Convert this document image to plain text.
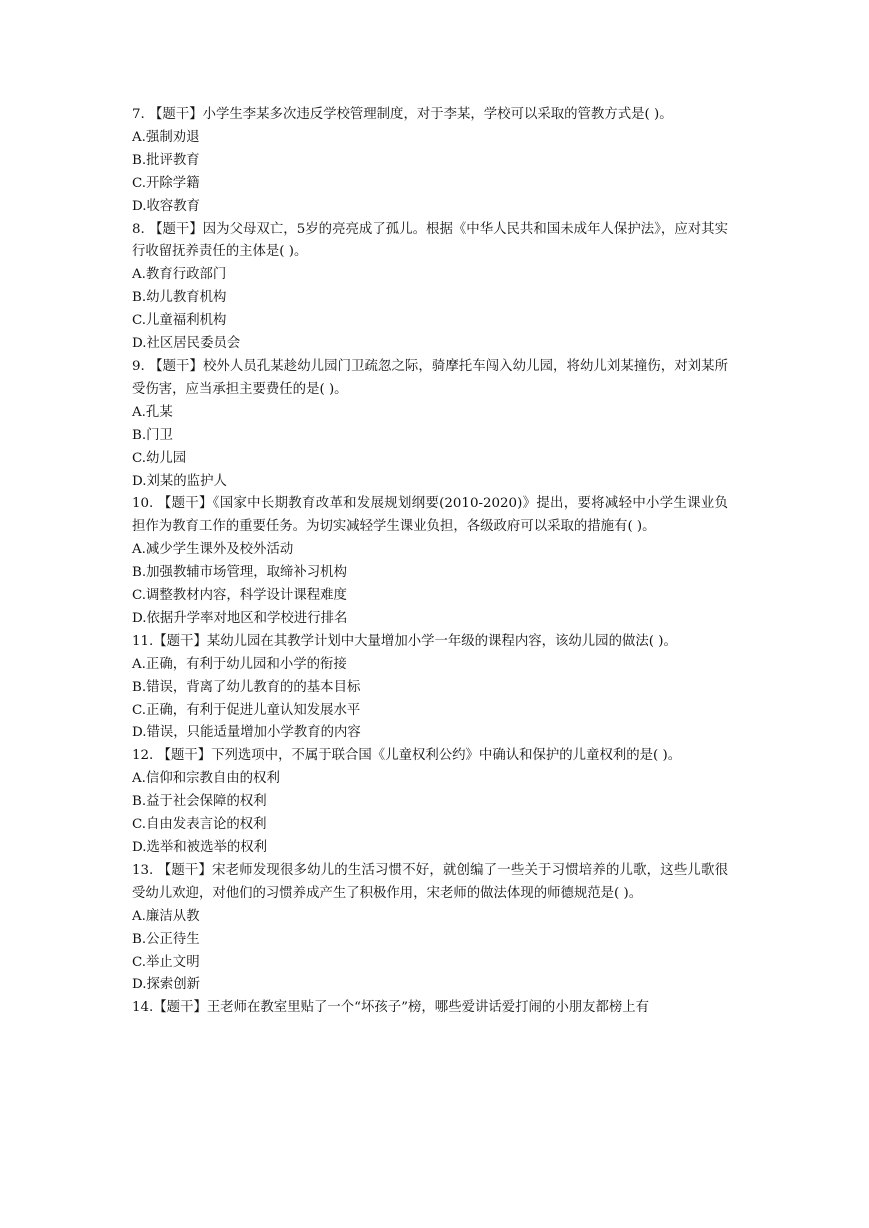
7. 【题干】小学生李某多次违反学校管理制度，对于李某，学校可以采取的管教方式是( )。

A.强制劝退

B.批评教育

C.开除学籍

D.收容教育

8. 【题干】因为父母双亡，5岁的亮亮成了孤儿。根据《中华人民共和国未成年人保护法》，应对其实行收留抚养责任的主体是( )。

A.教育行政部门

B.幼儿教育机构

C.儿童福利机构

D.社区居民委员会

9. 【题干】校外人员孔某趁幼儿园门卫疏忽之际，骑摩托车闯入幼儿园，将幼儿刘某撞伤，对刘某所受伤害，应当承担主要费任的是( )。

A.孔某

B.门卫

C.幼儿园

D.刘某的监护人

10. 【题干】《国家中长期教育改革和发展规划纲要(2010-2020)》提出，要将减轻中小学生课业负担作为教育工作的重要任务。为切实减轻学生课业负担，各级政府可以采取的措施有( )。

A.减少学生课外及校外活动

B.加强教辅市场管理，取缔补习机构

C.调整教材内容，科学设计课程难度

D.依据升学率对地区和学校进行排名

11.【题干】某幼儿园在其教学计划中大量增加小学一年级的课程内容，该幼儿园的做法( )。

A.正确，有利于幼儿园和小学的衔接

B.错误，背离了幼儿教育的的基本目标

C.正确，有利于促进儿童认知发展水平

D.错误，只能适量增加小学教育的内容

12. 【题干】下列选项中，不属于联合国《儿童权利公约》中确认和保护的儿童权利的是( )。

A.信仰和宗教自由的权利

B.益于社会保障的权利

C.自由发表言论的权利

D.选举和被选举的权利

13. 【题干】宋老师发现很多幼儿的生活习惯不好，就创编了一些关于习惯培养的儿歌，这些儿歌很受幼儿欢迎，对他们的习惯养成产生了积极作用，宋老师的做法体现的师德规范是( )。

A.廉洁从教

B.公正待生

C.举止文明

D.探索创新

14.【题干】王老师在教室里贴了一个“坏孩子”榜，哪些爱讲话爱打闹的小朋友都榜上有
